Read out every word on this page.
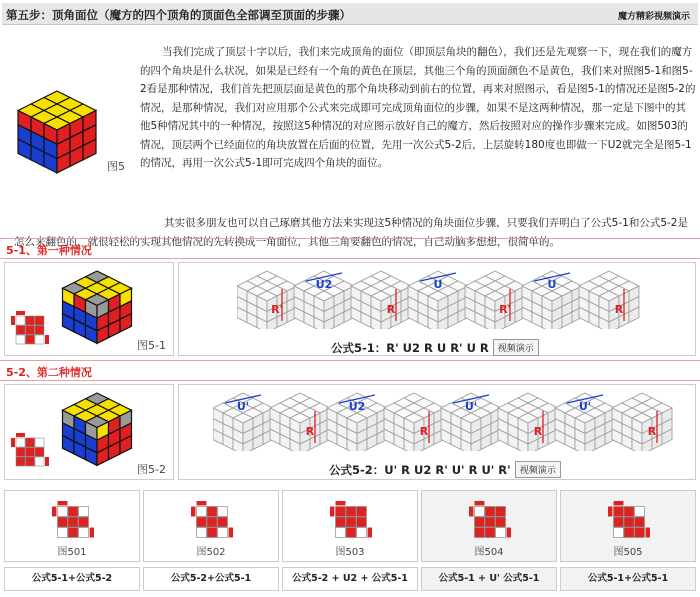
第五步：顶角面位（魔方的四个顶角的顶面色全部调至顶面的步骤）	魔方精彩视频演示
图5
当我们完成了顶层十字以后，我们来完成顶角的面位（即顶层角块的翻色），我们还是先观察一下，现在我们的魔方的四个角块是什么状况，如果是已经有一个角的黄色在顶层，其他三个角的顶面颜色不是黄色，我们来对照图5-1和图5-2看是那种情况，我们首先把顶层面是黄色的那个角块移动到前右的位置，再来对照图示，看是图5-1的情况还是图5-2的情况，是那种情况，我们对应用那个公式来完成即可完成顶角面位的步骤，如果不是这两种情况，那一定是下图中的其他5种情况其中的一种情况，按照这5种情况的对应图示放好自己的魔方，然后按照对应的操作步骤来完成。如图503的情况，顶层两个已经面位的角块放置在后面的位置，先用一次公式5-2后，上层旋转180度也即做一下U2就完全是图5-1的情况，再用一次公式5-1即可完成四个角块的面位。
其实很多朋友也可以自己琢磨其他方法来实现这5种情况的角块面位步骤，只要我们弄明白了公式5-1和公式5-2是怎么来翻色的，就很轻松的实现其他情况的先转换成一角面位，其他三角要翻色的情况，自己动脑多想想，很简单的。
5-1、第一种情况
图5-1
R'
U2
R
U
R'
U
R
公式5-1：R' U2 R U R' U R 视频演示
5-2、第二种情况
图5-2
U'
R
U2
R
U'
R
U'
R
公式5-2：U' R U2 R' U' R U' R' 视频演示
图501
公式5-1+公式5-2
图502
公式5-2+公式5-1
图503
公式5-2 + U2 + 公式5-1
图504
公式5-1 + U' 公式5-1
图505
公式5-1+公式5-1
